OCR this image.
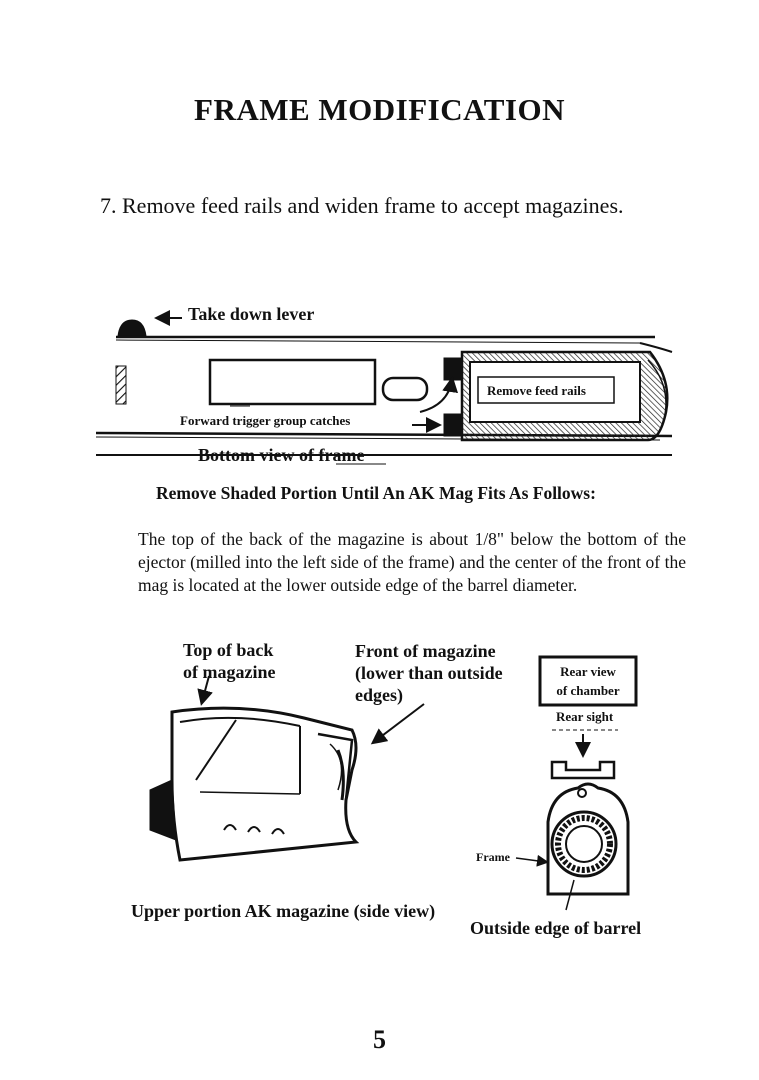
FRAME MODIFICATION
7. Remove feed rails and widen frame to accept magazines.
Take down lever
Remove feed rails
Forward trigger group catches
Bottom view of frame
Remove Shaded Portion Until An AK Mag Fits As Follows:
The top of the back of the magazine is about 1/8" below the bottom of the ejector (milled into the left side of the frame) and the center of the front of the mag is located at the lower outside edge of the barrel diameter.
Top of back
of magazine
Front of magazine
(lower than outside
edges)
Upper portion AK magazine (side view)
Rear view
of chamber
Rear sight
Frame
Outside edge of barrel
5
